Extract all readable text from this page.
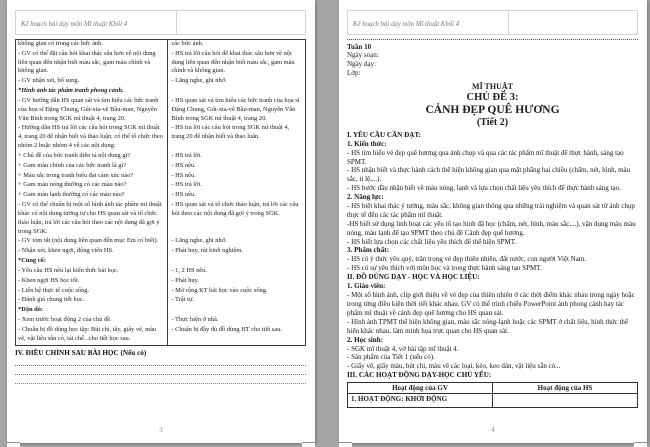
Kế hoạch bài dạy môn Mĩ thuật Khối 4
không gian có trong các bức ảnh.	các bức ảnh.

- GV có thể đặt câu hỏi khai thác sâu hơn về nội dung liên quan đến nhận biết màu sắc, gam màu chính và không gian.	- HS trả lời câu hỏi để khai thác sâu hơn về nội dung liên quan đến nhận biết màu sắc, gam màu chính và không gian.

- GV nhận xét, bổ sung.	- Lắng nghe, ghi nhớ.

*Hình ảnh tác phẩm tranh phong cảnh.	

- GV hướng dẫn HS quan sát và tìm hiểu các bức tranh của họa sĩ Đặng Chung, Gút-xta-vê Bầu-man, Nguyễn Văn Bình trong SGK mĩ thuật 4, trang 20.	- HS quan sát và tìm hiểu các bức tranh của họa sĩ Đặng Chung, Gút-xta-vê Bầu-man, Nguyễn Văn Bình trong SGK mĩ thuật 4, trang 20.

- Hướng dẫn HS trả lời các câu hỏi trong SGK mĩ thuật 4, trang 20 để nhận biết và thảo luận, có thể tổ chức theo nhóm 2 hoặc nhóm 4 về các nội dung:	- HS trả lời các câu hỏi trong SGK mĩ thuật 4, trang 20 để nhận biết và thảo luận.

+ Chủ đề của bức tranh diễn tả nội dung gì?	- HS trả lời.

+ Gam màu chính của các bức tranh là gì?	- HS nêu.

+ Màu sắc trong tranh biểu đạt cảm xúc nào?	- HS nêu.

+ Gam màu nóng thường có các màu nào?	- HS trả lời.

+ Gam màu lạnh thường có các màu nào?	- HS nêu.

- GV có thể chuẩn bị một số hình ảnh tác phẩm mĩ thuật khác có nội dung tương tự cho HS quan sát và tổ chức thảo luận, trả lời các câu hỏi theo các nội dung đã gợi ý trong SGK.	- HS quan sát và tổ chức thảo luận, trả lời các câu hỏi theo các nội dung đã gợi ý trong SGK.

- GV tóm tắt (nội dung liên quan đến mục Em có biết).	- Lắng nghe, ghi nhớ.

- Nhận xét, khen ngợi, động viên HS.	- Phát huy, rút kinh nghiệm.

*Củng cố:	

- Yêu cầu HS nêu lại kiến thức bài học.	- 1, 2 HS nêu.

- Khen ngợi HS học tốt.	- Phát huy.

- Liên hệ thực tế cuộc sống.	- Mở rộng KT bài học vào cuộc sống.

- Đánh giá chung tiết học.	- Trật tự.

*Dặn dò:	

- Xem trước hoạt động 2 của chủ đề.	- Thực hiện ở nhà.

- Chuẩn bị đồ dùng học tập: Bút chì, tẩy, giấy vẽ, màu vẽ, vật liệu sẵn có, tái chế...cho tiết học sau.	- Chuẩn bị đầy đủ đồ dùng HT cho tiết sau.
IV. ĐIỀU CHỈNH SAU BÀI HỌC (Nếu có)
3
Kế hoạch bài dạy môn Mĩ thuật Khối 4
Tuần 10
Ngày soạn:
Ngày dạy:
Lớp:
MĨ THUẬT
CHỦ ĐỀ 3:
CẢNH ĐẸP QUÊ HƯƠNG
(Tiết 2)
I. YÊU CẦU CẦN ĐẠT:
1. Kiến thức:
- HS tìm hiểu vẻ đẹp quê hương qua ảnh chụp và qua các tác phẩm mĩ thuật để thực hành, sáng tạo SPMT.
- HS nhận biết và thực hành cách thể hiện không gian qua mặt phẳng hai chiều (chấm, nét, hình, màu sắc, tỉ lệ,...).
- HS bước đầu nhận biết về màu nóng, lạnh và lựa chọn chất liệu yêu thích để thực hành sáng tạo.
2. Năng lực:
- HS biết khai thác ý tưởng, màu sắc, không gian thông qua những trải nghiệm và quan sát từ ảnh chụp thực tế đến các tác phẩm mĩ thuật.
-HS biết sử dụng linh hoạt các yếu tố tạo hình đã học (chấm, nét, hình, màu sắc,...), vận dụng màu màu nóng, màu lạnh để tạo SPMT theo chủ đề Cảnh đẹp quê hương.
- HS biết lựa chọn các chất liệu yêu thích để thể hiện SPMT.
3. Phẩm chất:
- HS có ý thức yêu quý, trân trọng vẻ đẹp thiên nhiên, đất nước, con người Việt Nam.
- HS có sự yêu thích với môn học và trong thực hành sáng tạo SPMT.
II. ĐỒ DÙNG DẠY - HỌC VÀ HỌC LIỆU:
1. Giáo viên:
- Một số hình ảnh, clip giới thiệu về vẻ đẹp của thiên nhiên ở các thời điểm khác nhau trong ngày hoặc trong từng điều kiện thời tiết khác nhau. GV có thể trình chiếu PowerPoint ảnh phong cảnh hay tác phẩm mĩ thuật về cảnh đẹp quê hương cho HS quan sát.
- Hình ảnh TPMT thể hiện không gian, màu sắc nóng-lạnh hoặc các SPMT ở chất liệu, hình thức thể hiện khác nhau, làm minh họa trực quan cho HS quan sát.
2. Học sinh:
- SGK mĩ thuật 4, vở bài tập mĩ thuật 4.
- Sản phẩm của Tiết 1 (nếu có).
- Giấy vẽ, giấy màu, bút chì, màu vẽ các loại, kéo, keo dán, vật liệu sẵn có...
III. CÁC HOẠT ĐỘNG DẠY-HỌC CHỦ YẾU:
Hoạt động của GV	Hoạt động của HS
1. HOẠT ĐỘNG: KHỞI ĐỘNG	
4
